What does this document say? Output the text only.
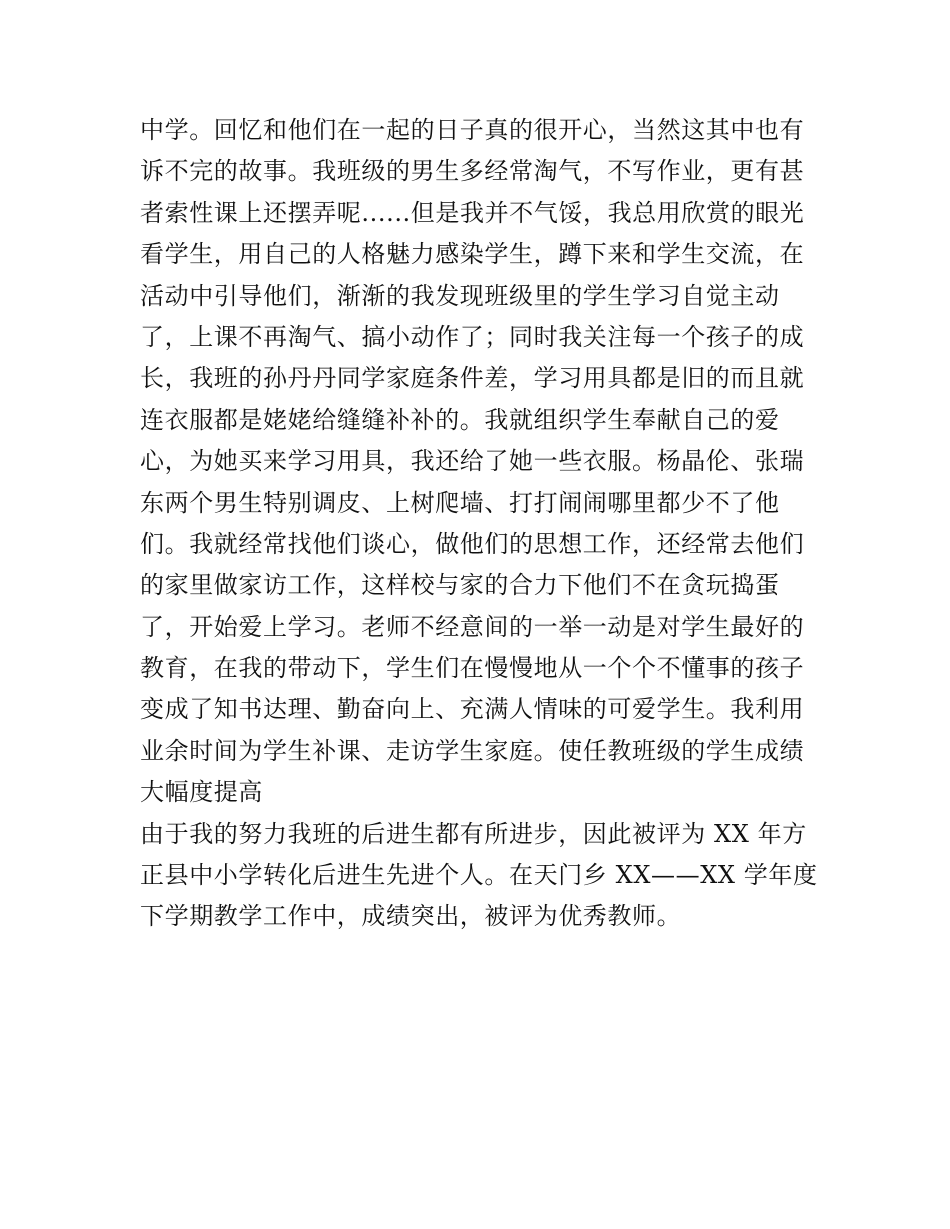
中学。回忆和他们在一起的日子真的很开心，当然这其中也有
诉不完的故事。我班级的男生多经常淘气，不写作业，更有甚
者索性课上还摆弄呢......但是我并不气馁，我总用欣赏的眼光
看学生，用自己的人格魅力感染学生，蹲下来和学生交流，在
活动中引导他们，渐渐的我发现班级里的学生学习自觉主动
了，上课不再淘气、搞小动作了；同时我关注每一个孩子的成
长，我班的孙丹丹同学家庭条件差，学习用具都是旧的而且就
连衣服都是姥姥给缝缝补补的。我就组织学生奉献自己的爱
心，为她买来学习用具，我还给了她一些衣服。杨晶伦、张瑞
东两个男生特别调皮、上树爬墙、打打闹闹哪里都少不了他
们。我就经常找他们谈心，做他们的思想工作，还经常去他们
的家里做家访工作，这样校与家的合力下他们不在贪玩捣蛋
了，开始爱上学习。老师不经意间的一举一动是对学生最好的
教育，在我的带动下，学生们在慢慢地从一个个不懂事的孩子
变成了知书达理、勤奋向上、充满人情味的可爱学生。我利用
业余时间为学生补课、走访学生家庭。使任教班级的学生成绩
大幅度提高
由于我的努力我班的后进生都有所进步，因此被评为 XX 年方
正县中小学转化后进生先进个人。在天门乡 XX——XX 学年度
下学期教学工作中，成绩突出，被评为优秀教师。
